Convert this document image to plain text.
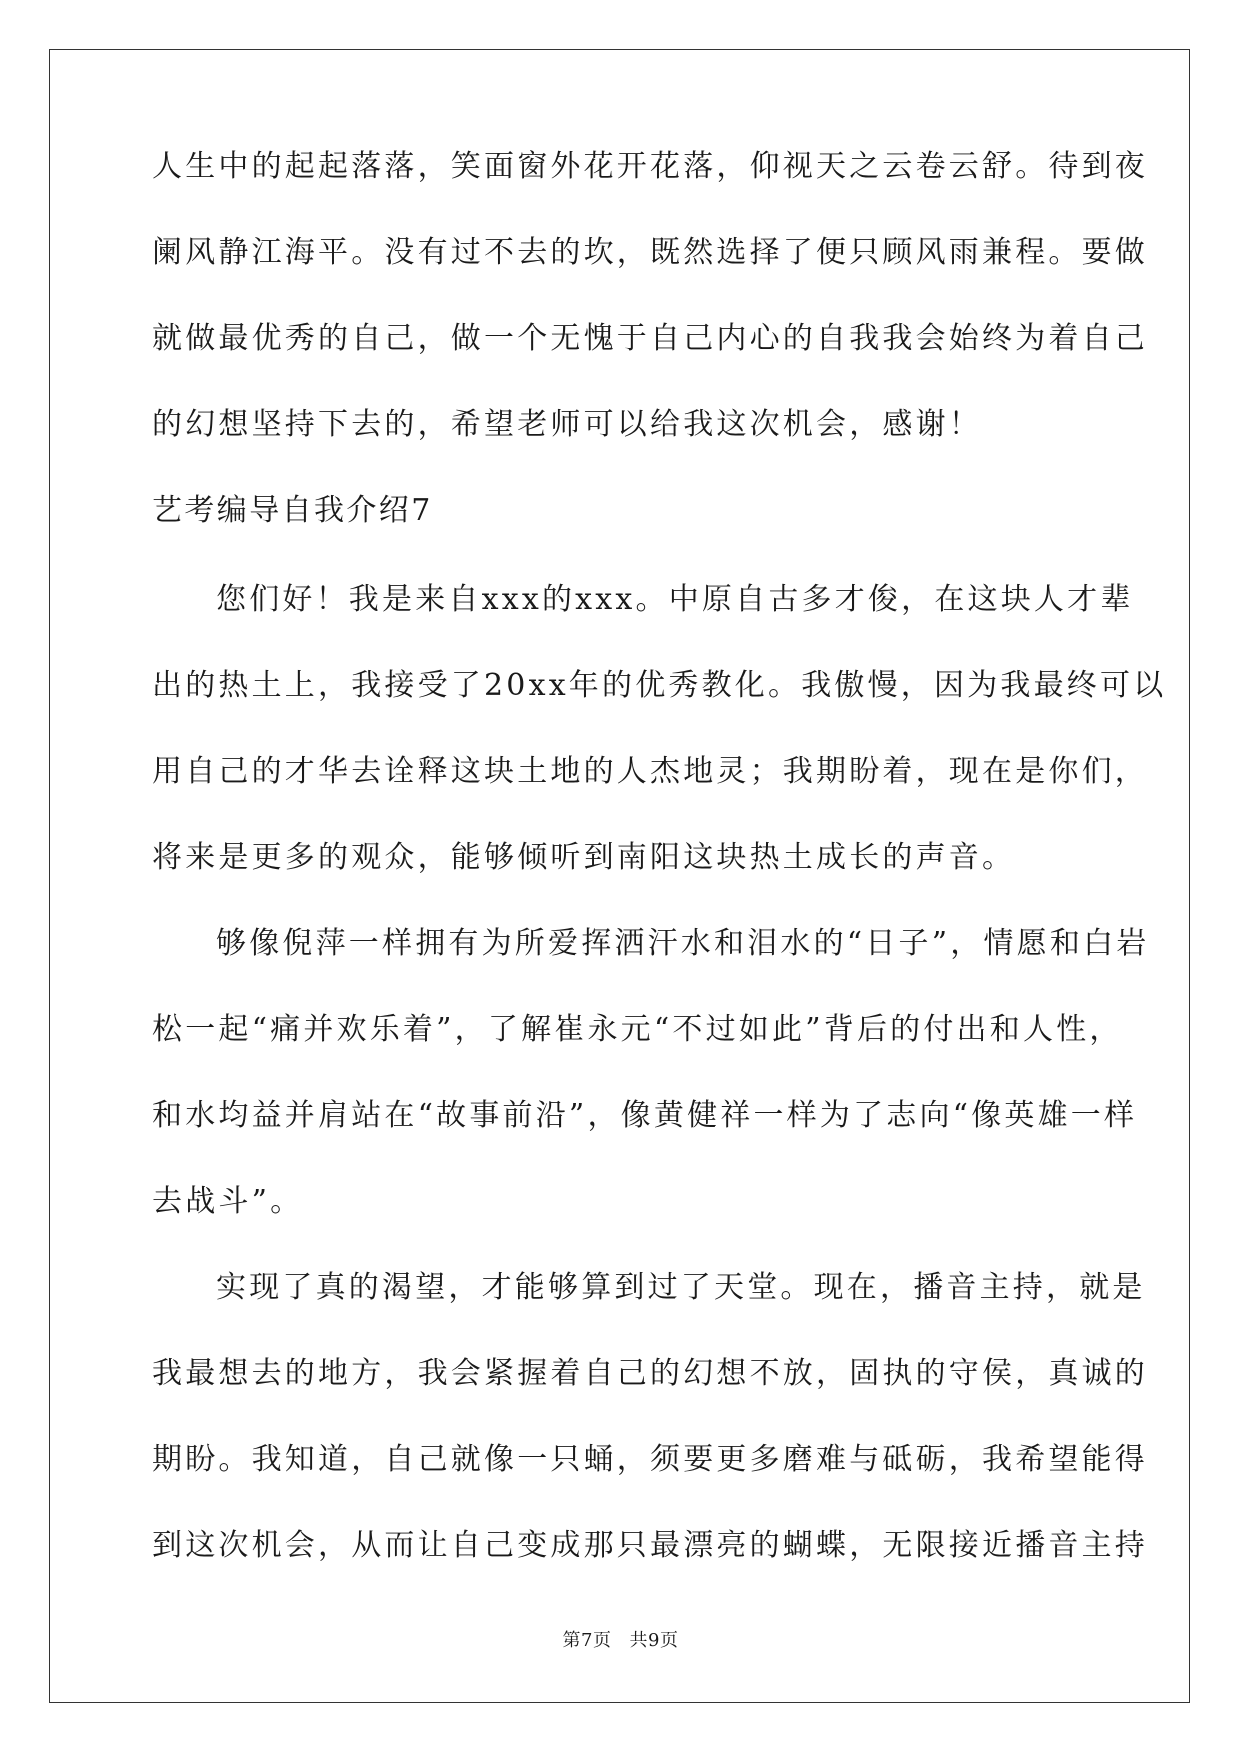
人生中的起起落落，笑面窗外花开花落，仰视天之云卷云舒。待到夜
阑风静江海平。没有过不去的坎，既然选择了便只顾风雨兼程。要做
就做最优秀的自己，做一个无愧于自己内心的自我我会始终为着自己
的幻想坚持下去的，希望老师可以给我这次机会，感谢！
艺考编导自我介绍7
您们好！我是来自xxx的xxx。中原自古多才俊，在这块人才辈
出的热土上，我接受了20xx年的优秀教化。我傲慢，因为我最终可以
用自己的才华去诠释这块土地的人杰地灵；我期盼着，现在是你们，
将来是更多的观众，能够倾听到南阳这块热土成长的声音。
够像倪萍一样拥有为所爱挥洒汗水和泪水的“日子”，情愿和白岩
松一起“痛并欢乐着”，了解崔永元“不过如此”背后的付出和人性，
和水均益并肩站在“故事前沿”，像黄健祥一样为了志向“像英雄一样
去战斗”。
实现了真的渴望，才能够算到过了天堂。现在，播音主持，就是
我最想去的地方，我会紧握着自己的幻想不放，固执的守侯，真诚的
期盼。我知道，自己就像一只蛹，须要更多磨难与砥砺，我希望能得
到这次机会，从而让自己变成那只最漂亮的蝴蝶，无限接近播音主持
第7页 共9页
